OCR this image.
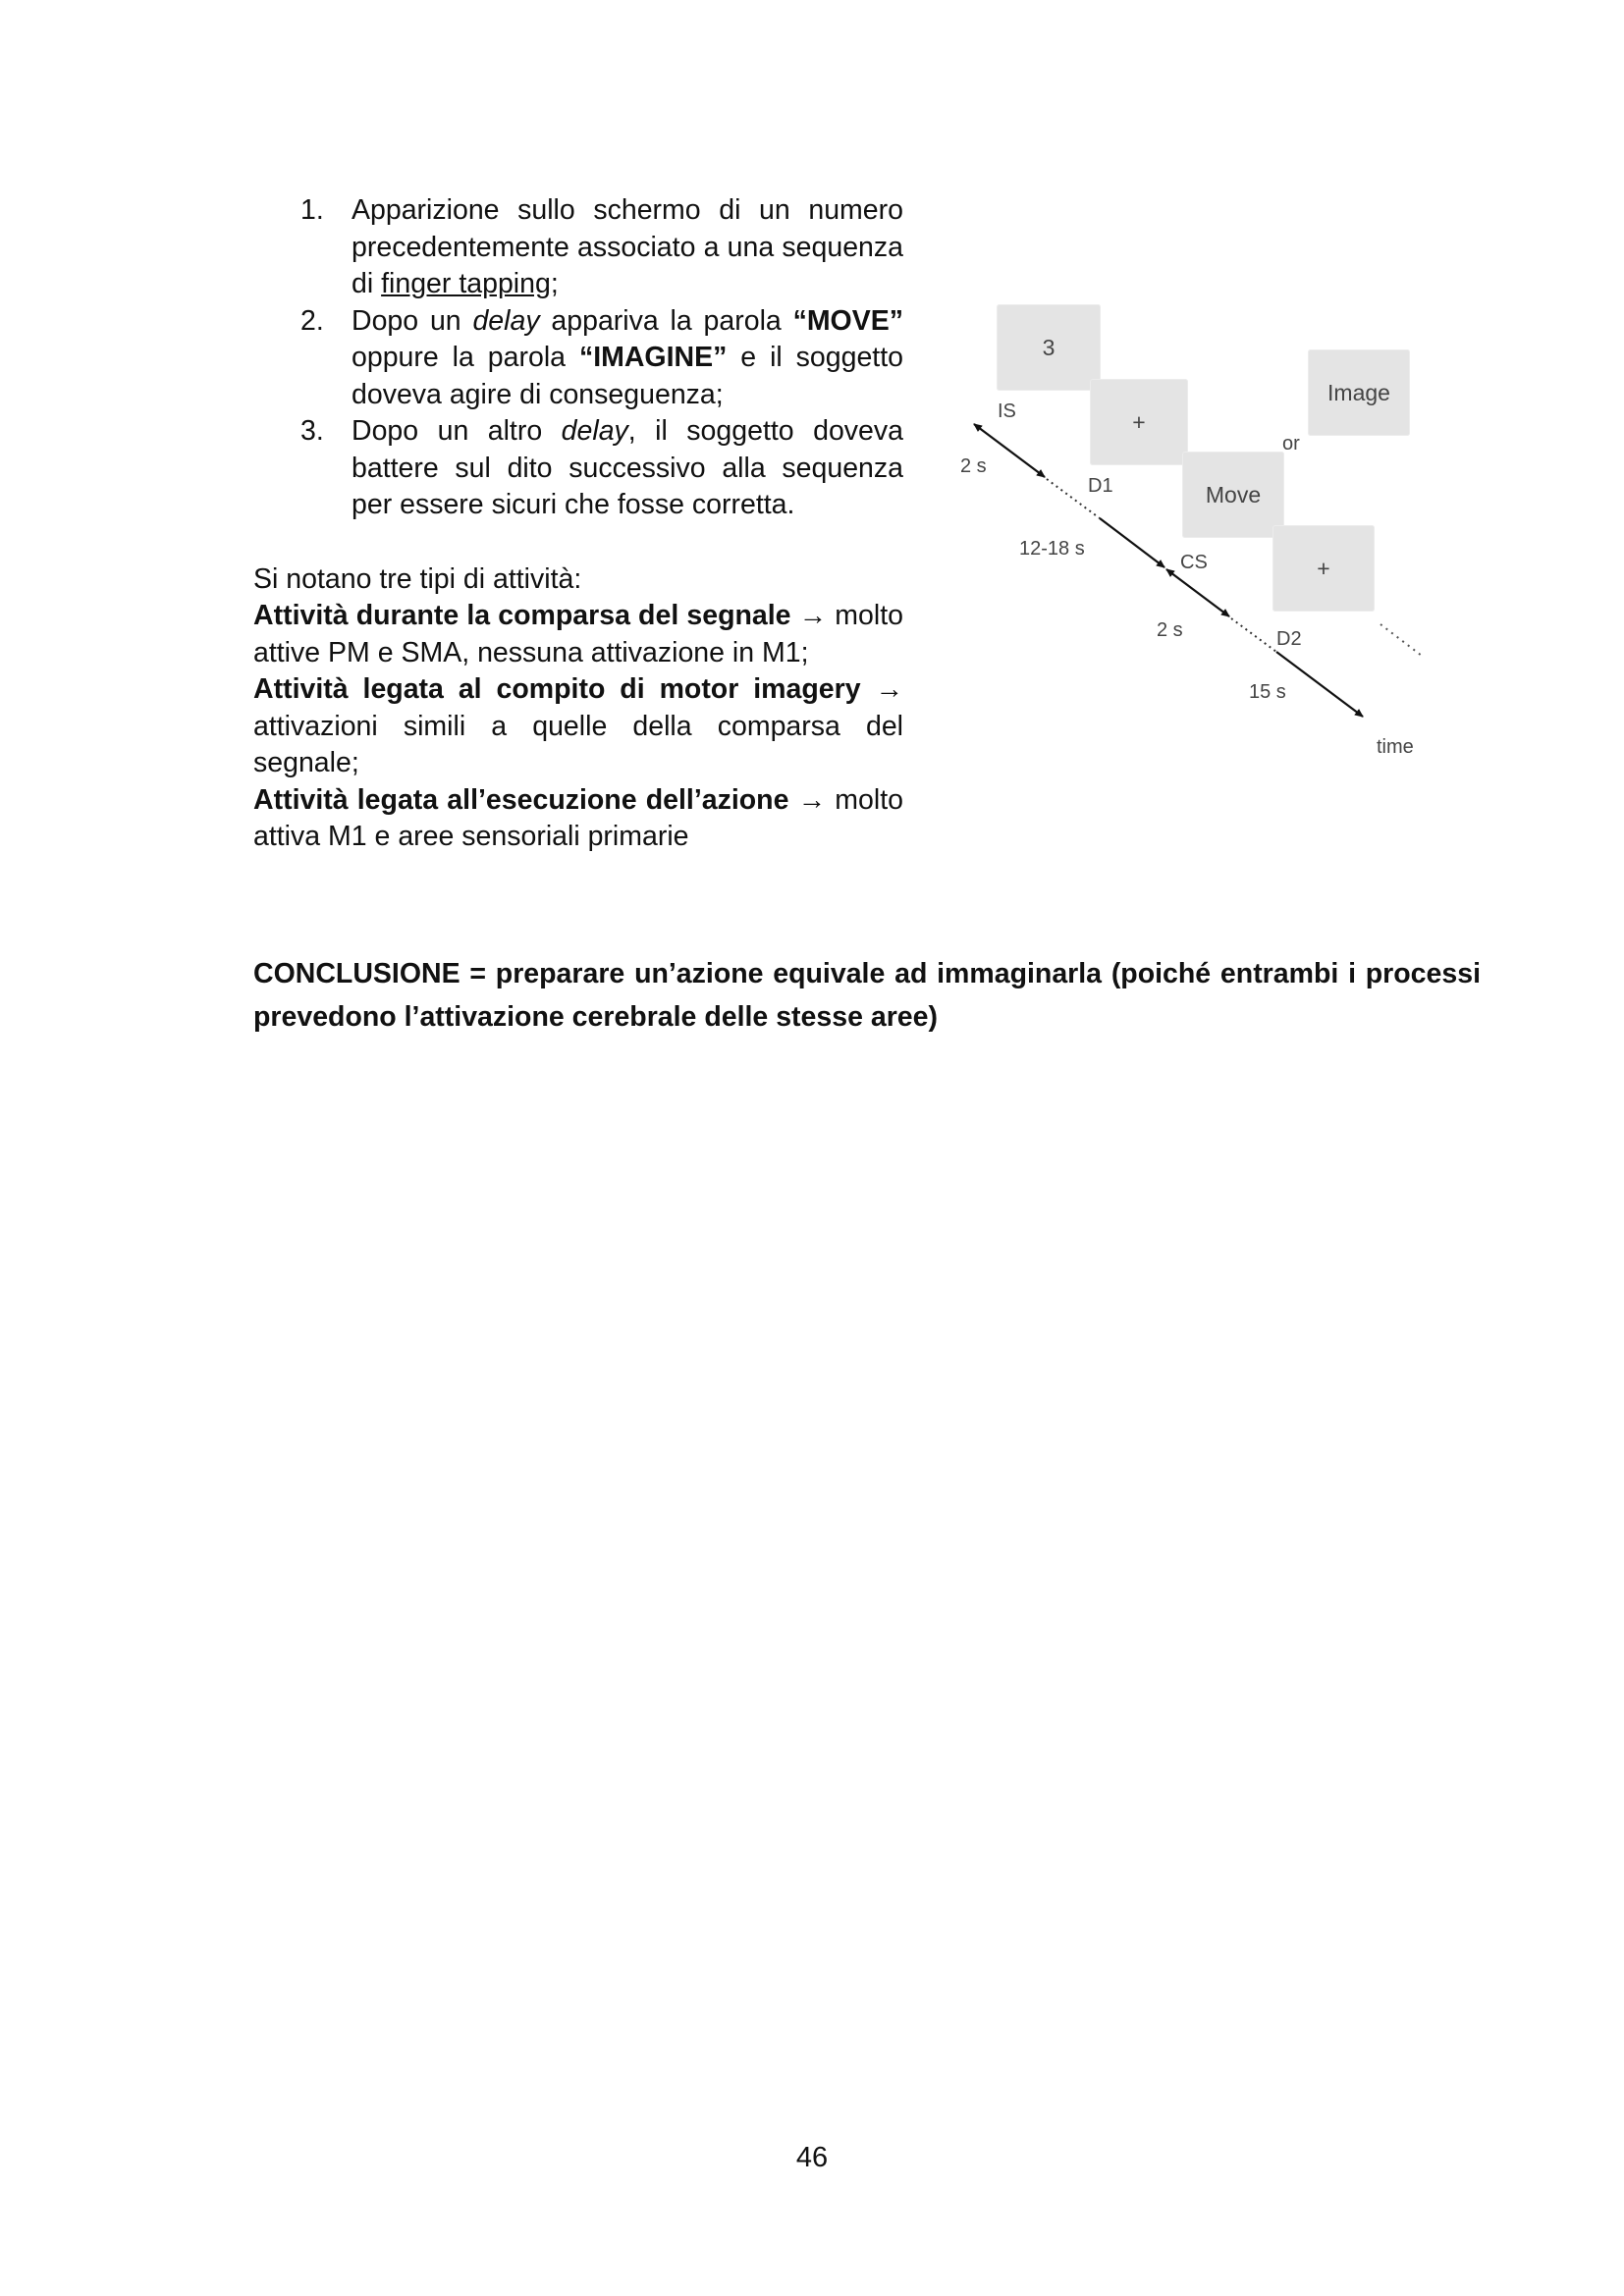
1. Apparizione sullo schermo di un numero precedentemente associato a una sequenza di finger tapping;
2. Dopo un delay appariva la parola “MOVE” oppure la parola “IMAGINE” e il soggetto doveva agire di conseguenza;
3. Dopo un altro delay, il soggetto doveva battere sul dito successivo alla sequenza per essere sicuri che fosse corretta.
Si notano tre tipi di attività:
Attività durante la comparsa del segnale → molto attive PM e SMA, nessuna attivazione in M1;
Attività legata al compito di motor imagery → attivazioni simili a quelle della comparsa del segnale;
Attività legata all’esecuzione dell’azione → molto attiva M1 e aree sensoriali primarie
3
+
Move
+
Image
or
IS
2 s
D1
12-18 s
CS
2 s	D2
15 s
time
CONCLUSIONE = preparare un’azione equivale ad immaginarla (poiché entrambi i processi prevedono l’attivazione cerebrale delle stesse aree)
46
